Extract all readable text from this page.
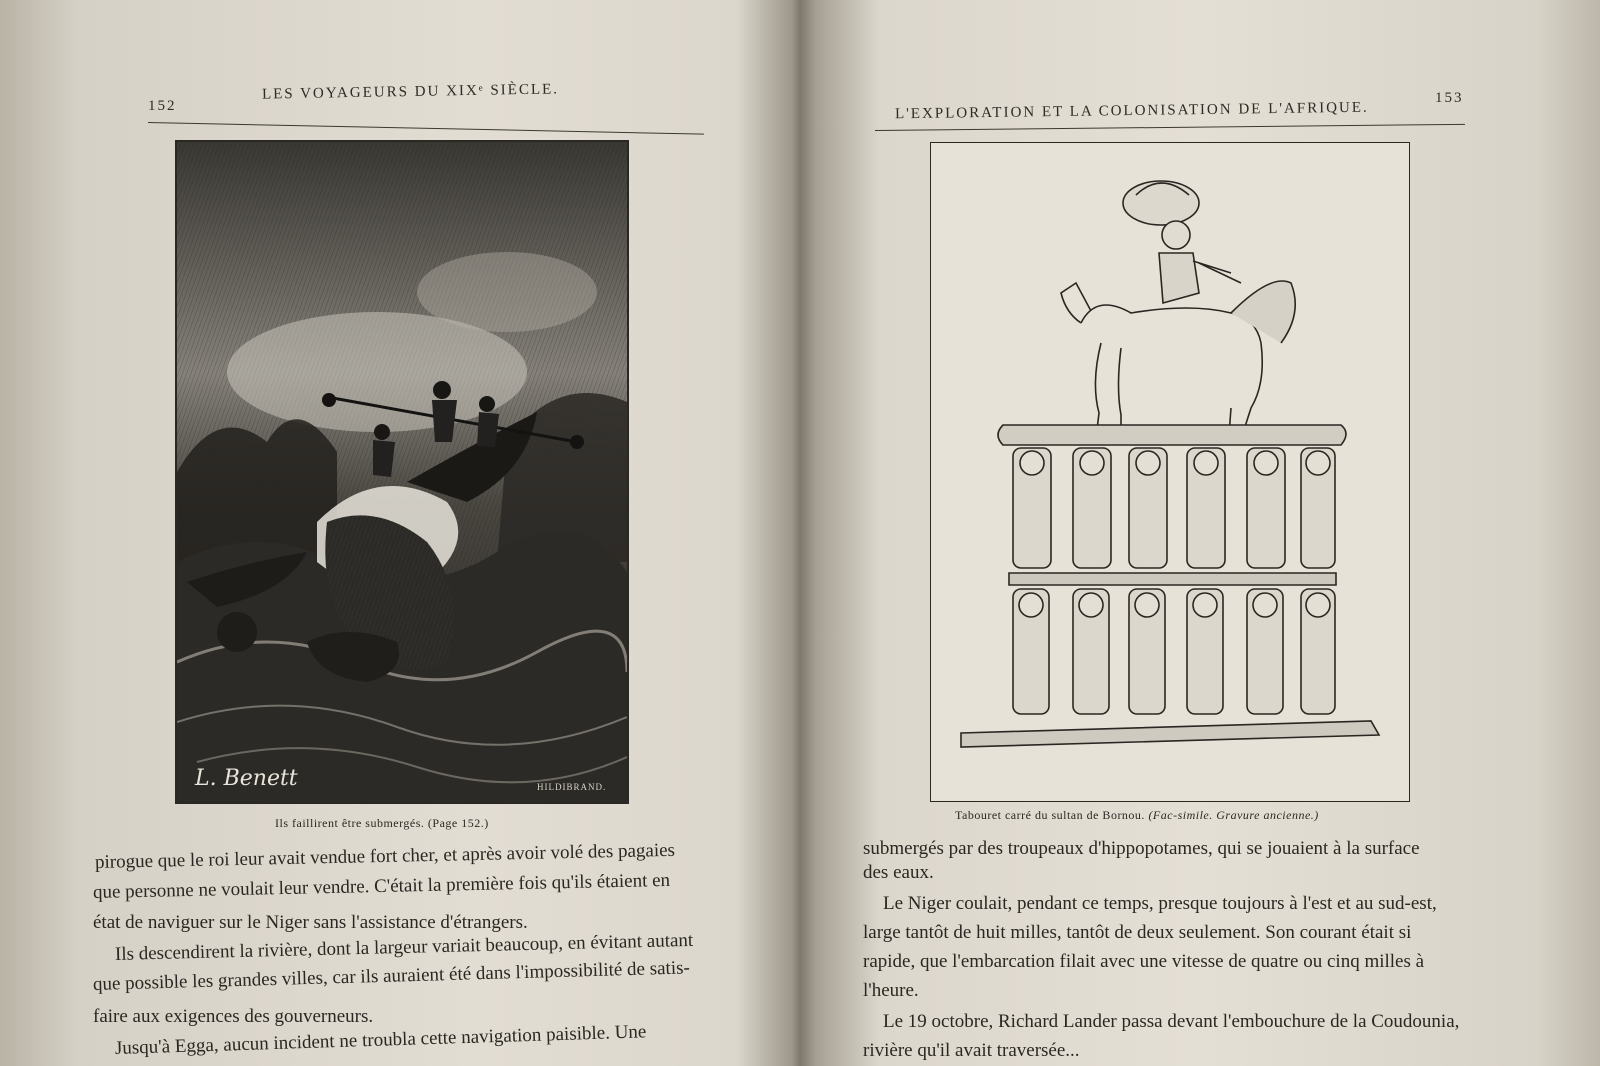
152
LES VOYAGEURS DU XIXᵉ SIÈCLE.
L. Benett	HILDIBRAND.
Ils faillirent être submergés. (Page 152.)
pirogue que le roi leur avait vendue fort cher, et après avoir volé des pagaies
que personne ne voulait leur vendre. C'était la première fois qu'ils étaient en
état de naviguer sur le Niger sans l'assistance d'étrangers.
Ils descendirent la rivière, dont la largeur variait beaucoup, en évitant autant
que possible les grandes villes, car ils auraient été dans l'impossibilité de satis-
faire aux exigences des gouverneurs.
Jusqu'à Egga, aucun incident ne troubla cette navigation paisible. Une
L'EXPLORATION ET LA COLONISATION DE L'AFRIQUE.
153
Tabouret carré du sultan de Bornou. (Fac-simile. Gravure ancienne.)
submergés par des troupeaux d'hippopotames, qui se jouaient à la surface
des eaux.
Le Niger coulait, pendant ce temps, presque toujours à l'est et au sud-est,
large tantôt de huit milles, tantôt de deux seulement. Son courant était si
rapide, que l'embarcation filait avec une vitesse de quatre ou cinq milles à
l'heure.
Le 19 octobre, Richard Lander passa devant l'embouchure de la Coudounia,
rivière qu'il avait traversée...
